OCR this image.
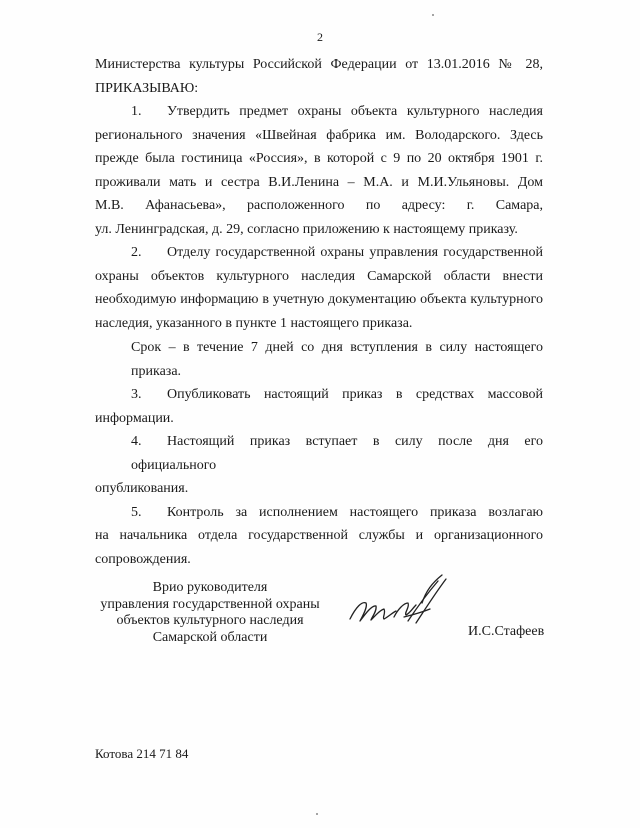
2
Министерства культуры Российской Федерации от 13.01.2016 № 28,
ПРИКАЗЫВАЮ:
1. Утвердить предмет охраны объекта культурного наследия
регионального значения «Швейная фабрика им. Володарского. Здесь
прежде была гостиница «Россия», в которой с 9 по 20 октября 1901 г.
проживали мать и сестра В.И.Ленина – М.А. и М.И.Ульяновы. Дом
М.В. Афанасьева», расположенного по адресу: г. Самара,
ул. Ленинградская, д. 29, согласно приложению к настоящему приказу.
2. Отделу государственной охраны управления государственной
охраны объектов культурного наследия Самарской области внести
необходимую информацию в учетную документацию объекта культурного
наследия, указанного в пункте 1 настоящего приказа.
Срок – в течение 7 дней со дня вступления в силу настоящего
приказа.
3. Опубликовать настоящий приказ в средствах массовой
информации.
4. Настоящий приказ вступает в силу после дня его официального
опубликования.
5. Контроль за исполнением настоящего приказа возлагаю
на начальника отдела государственной службы и организационного
сопровождения.
Врио руководителя
управления государственной охраны
объектов культурного наследия
Самарской области	И.С.Стафеев
Котова 214 71 84
